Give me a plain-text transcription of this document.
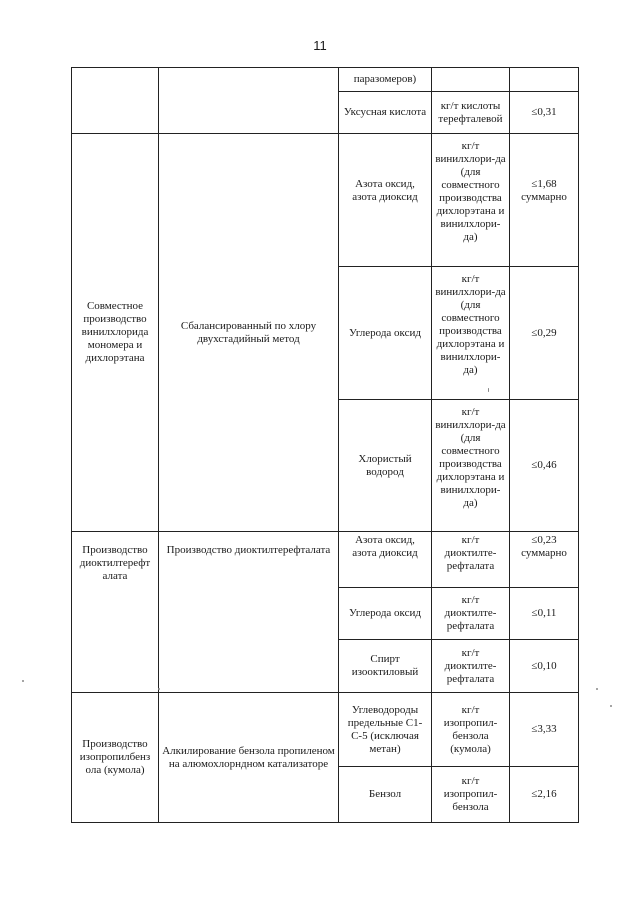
11
		паразомеров)		
		Уксусная кислота	кг/т кислоты терефталевой	≤0,31
Совместное производство винилхлорида мономера и дихлорэтана	Сбалансированный по хлору двухстадийный метод	Азота оксид, азота диоксид	кг/т винилхлори-да (для совместного производства дихлорэтана и винилхлори-да)	≤1,68 суммарно
		Углерода оксид	кг/т винилхлори-да (для совместного производства дихлорэтана и винилхлори-да)	≤0,29
		Хлористый водород	кг/т винилхлори-да (для совместного производства дихлорэтана и винилхлори-да)	≤0,46
Производство диоктилтерефт алата	Производство диоктилтерефталата	Азота оксид, азота диоксид	кг/т диоктилте-рефталата	≤0,23 суммарно
		Углерода оксид	кг/т диоктилте-рефталата	≤0,11
		Спирт изооктиловый	кг/т диоктилте-рефталата	≤0,10
Производство изопропилбенз ола (кумола)	Алкилирование бензола пропиленом на алюмохлорндном катализаторе	Углеводороды предельные С1-С-5 (исключая метан)	кг/т изопропил-бензола (кумола)	≤3,33
		Бензол	кг/т изопропил-бензола	≤2,16
